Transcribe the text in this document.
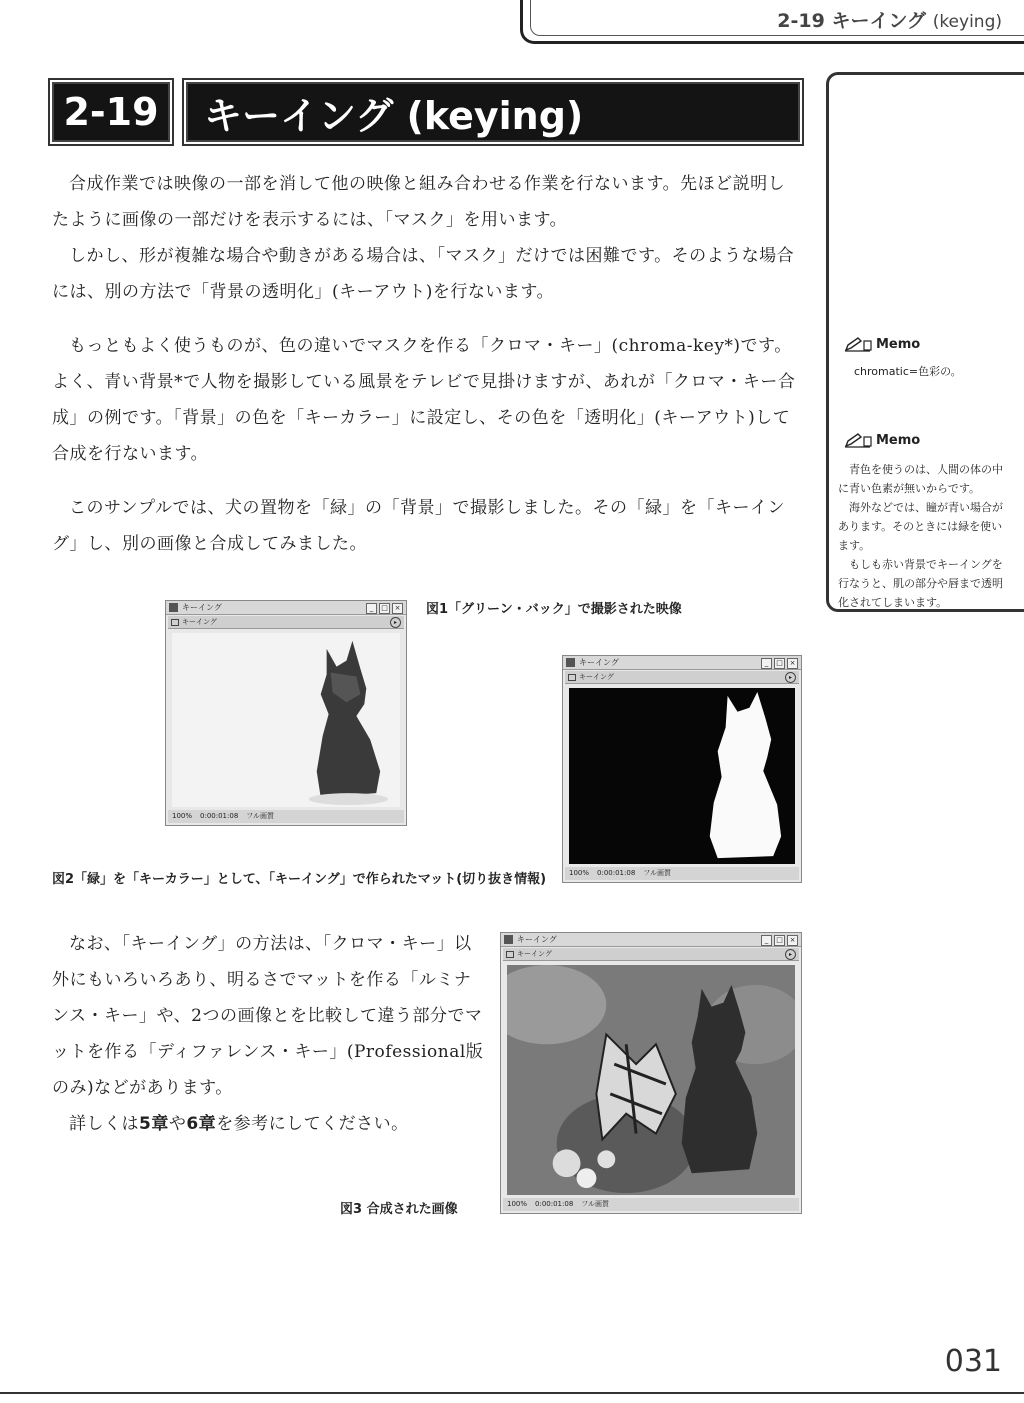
2-19 キーイング (keying)
2-19 キーイング (keying)
Memo

chromatic=色彩の。

Memo

青色を使うのは、人間の体の中に青い色素が無いからです。

海外などでは、瞳が青い場合があります。そのときには緑を使います。

もしも赤い背景でキーイングを行なうと、肌の部分や唇まで透明化されてしまいます。

合成作業では映像の一部を消して他の映像と組み合わせる作業を行ないます。先ほど説明したように画像の一部だけを表示するには、「マスク」を用います。

しかし、形が複雑な場合や動きがある場合は、「マスク」だけでは困難です。そのような場合には、別の方法で「背景の透明化」(キーアウト)を行ないます。

もっともよく使うものが、色の違いでマスクを作る「クロマ・キー」(chroma-key*)です。よく、青い背景*で人物を撮影している風景をテレビで見掛けますが、あれが「クロマ・キー合成」の例です。「背景」の色を「キーカラー」に設定し、その色を「透明化」(キーアウト)して合成を行ないます。

このサンプルでは、犬の置物を「緑」の「背景」で撮影しました。その「緑」を「キーイング」し、別の画像と合成してみました。

図1「グリーン・バック」で撮影された映像
キーイング	_	□ ×
キーイング	▸
100% 0:00:01:08 フル画質
キーイング	_	□ ×
キーイング	▸
100% 0:00:01:08 フル画質
図2「緑」を「キーカラー」として、「キーイング」で作られたマット(切り抜き情報)

なお、「キーイング」の方法は、「クロマ・キー」以外にもいろいろあり、明るさでマットを作る「ルミナンス・キー」や、2つの画像とを比較して違う部分でマットを作る「ディファレンス・キー」(Professional版のみ)などがあります。

詳しくは5章や6章を参考にしてください。

キーイング	_	□ ×
キーイング	▸
100% 0:00:01:08 フル画質
図3 合成された画像
031
